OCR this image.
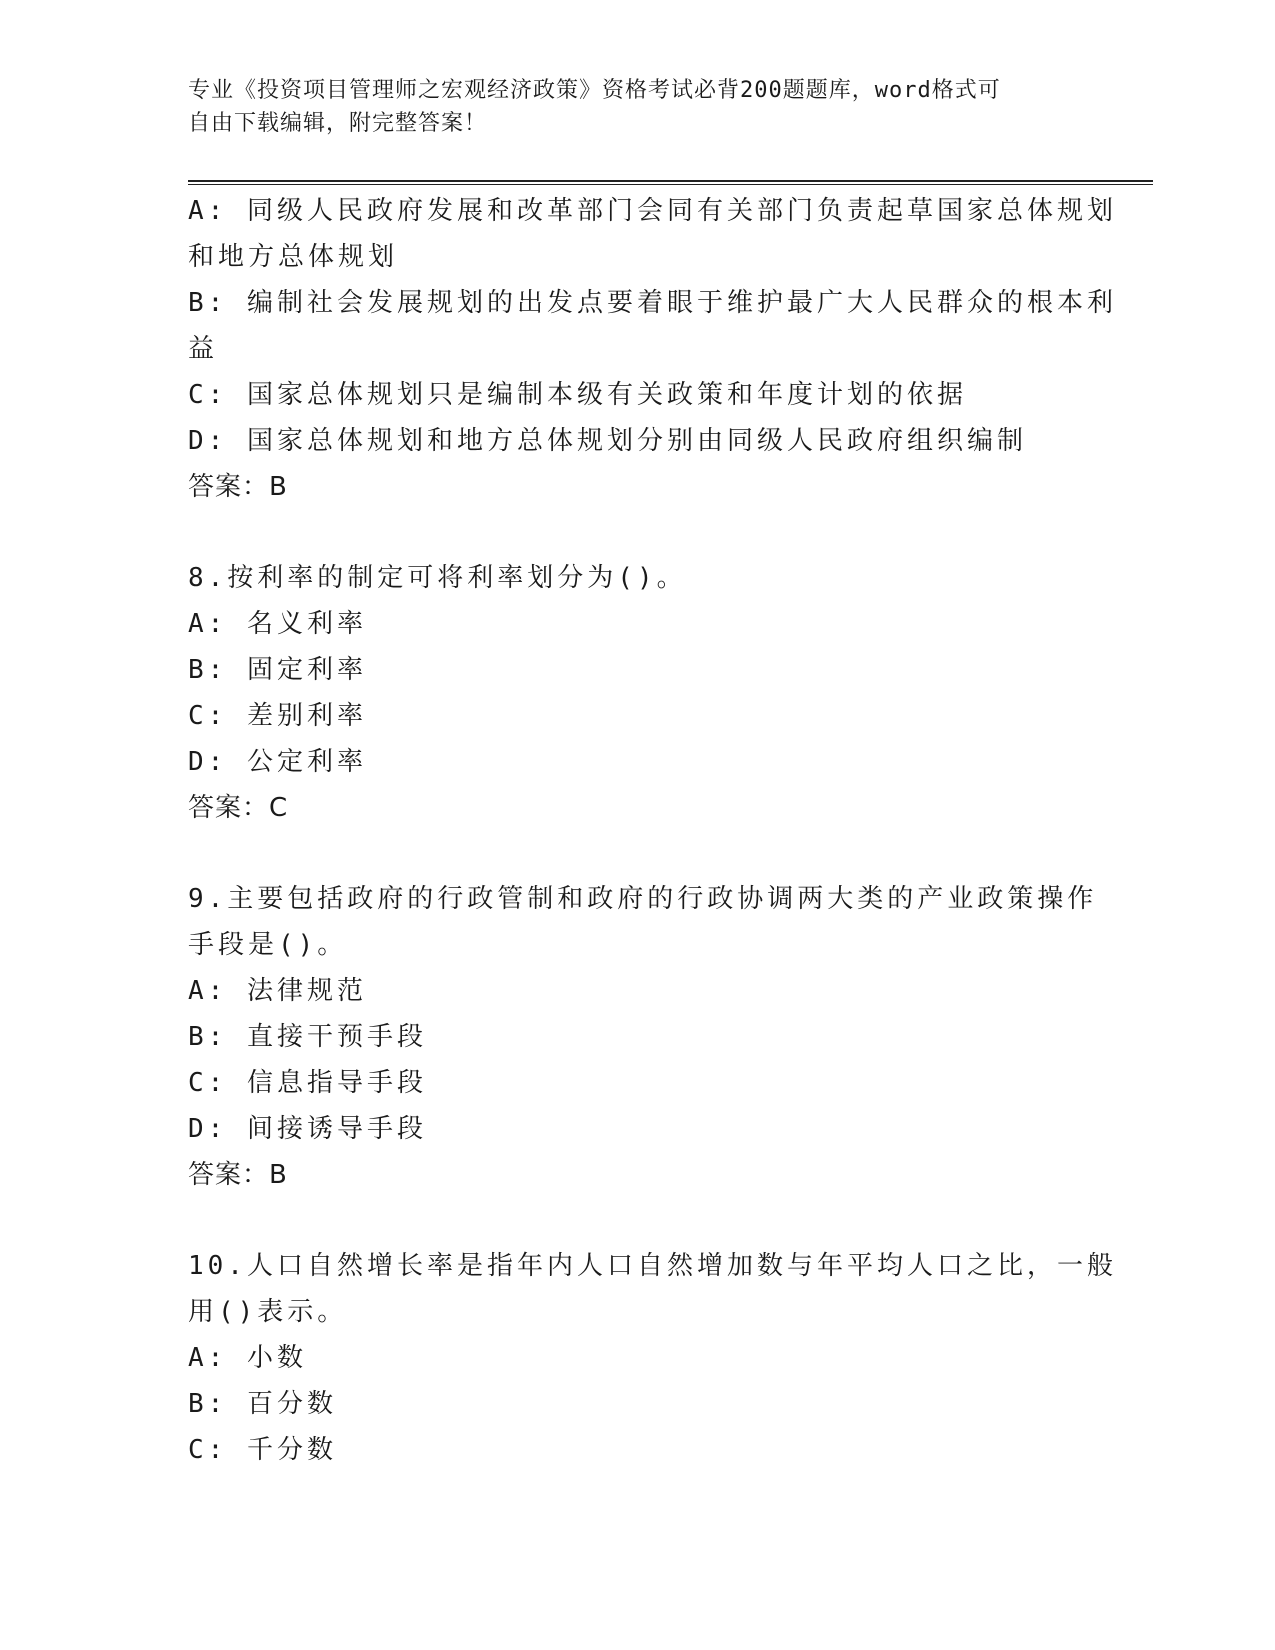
专业《投资项目管理师之宏观经济政策》资格考试必背200题题库，word格式可
自由下载编辑，附完整答案！
A: 同级人民政府发展和改革部门会同有关部门负责起草国家总体规划
和地方总体规划
B: 编制社会发展规划的出发点要着眼于维护最广大人民群众的根本利
益
C: 国家总体规划只是编制本级有关政策和年度计划的依据
D: 国家总体规划和地方总体规划分别由同级人民政府组织编制
答案：B
8.按利率的制定可将利率划分为()。
A: 名义利率
B: 固定利率
C: 差别利率
D: 公定利率
答案：C
9.主要包括政府的行政管制和政府的行政协调两大类的产业政策操作
手段是()。
A: 法律规范
B: 直接干预手段
C: 信息指导手段
D: 间接诱导手段
答案：B
10.人口自然增长率是指年内人口自然增加数与年平均人口之比，一般
用()表示。
A: 小数
B: 百分数
C: 千分数
